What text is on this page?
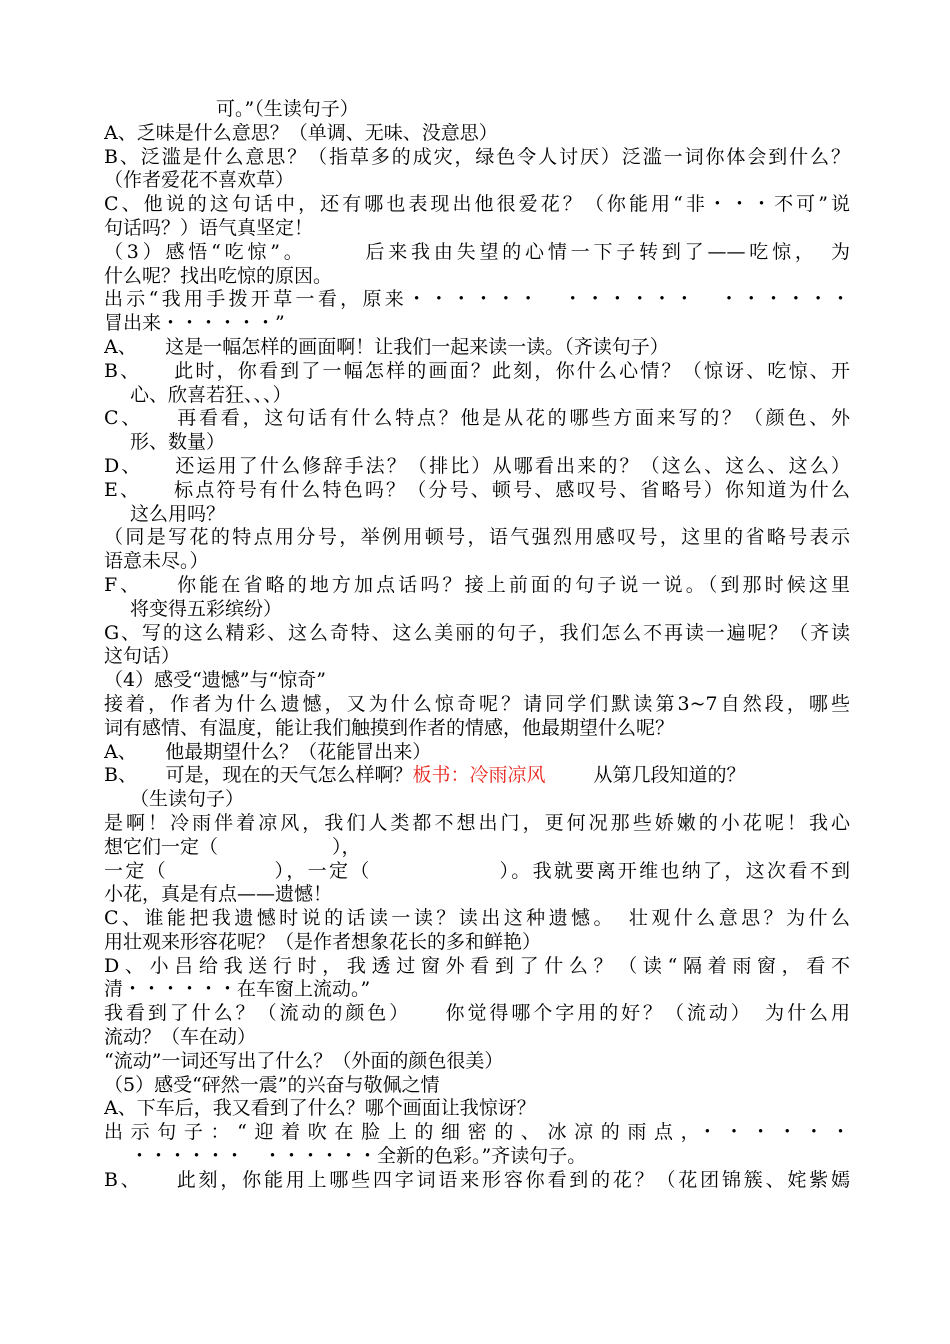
可。”（生读句子）
A、乏味是什么意思？（单调、无味、没意思）
B、泛滥是什么意思？（指草多的成灾，绿色令人讨厌）泛滥一词你体会到什么？
（作者爱花不喜欢草）
C、他说的这句话中，还有哪也表现出他很爱花？（你能用“非・・・不可”说
句话吗？）语气真坚定！
（3）感悟“吃惊”。　　　后来我由失望的心情一下子转到了——吃惊，　为
什么呢？找出吃惊的原因。
出示“我用手拨开草一看，原来・・・・・・　・・・・・・　・・・・・・
冒出来・・・・・・”
A、　　这是一幅怎样的画面啊！让我们一起来读一读。（齐读句子）
B、　　此时，你看到了一幅怎样的画面？此刻，你什么心情？（惊讶、吃惊、开
心、欣喜若狂、、、）
C、　　再看看，这句话有什么特点？他是从花的哪些方面来写的？（颜色、外
形、数量）
D、　　还运用了什么修辞手法？（排比）从哪看出来的？（这么、这么、这么）
E、　　标点符号有什么特色吗？（分号、顿号、感叹号、省略号）你知道为什么
这么用吗？
（同是写花的特点用分号，举例用顿号，语气强烈用感叹号，这里的省略号表示
语意未尽。）
F、　　你能在省略的地方加点话吗？接上前面的句子说一说。（到那时候这里
将变得五彩缤纷）
G、写的这么精彩、这么奇特、这么美丽的句子，我们怎么不再读一遍呢？（齐读
这句话）
（4）感受“遗憾”与“惊奇”
接着，作者为什么遗憾，又为什么惊奇呢？请同学们默读第3~7自然段，哪些
词有感情、有温度，能让我们触摸到作者的情感，他最期望什么呢？
A、　　他最期望什么？（花能冒出来）
B、　　可是，现在的天气怎么样啊？板书：冷雨凉风	从第几段知道的？
（生读句子）
是啊！冷雨伴着凉风，我们人类都不想出门，更何况那些娇嫩的小花呢！我心
想它们一定（　　　　　　），
一定（　　　　　），一定（　　　　　　）。我就要离开维也纳了，这次看不到
小花，真是有点——遗憾！
C、谁能把我遗憾时说的话读一读？读出这种遗憾。　壮观什么意思？为什么
用壮观来形容花呢？（是作者想象花长的多和鲜艳）
D、小吕给我送行时，我透过窗外看到了什么？（读“隔着雨窗，看不
清・・・・・・在车窗上流动。”
我看到了什么？（流动的颜色）　　你觉得哪个字用的好？（流动）　为什么用
流动？（车在动）
“流动”一词还写出了什么？（外面的颜色很美）
（5）感受“砰然一震”的兴奋与敬佩之情
A、下车后，我又看到了什么？哪个画面让我惊讶？
出示句子：“迎着吹在脸上的细密的、冰凉的雨点，・・・・・・
・・・・・・　・・・・・・全新的色彩。”齐读句子。
B、　　此刻，你能用上哪些四字词语来形容你看到的花？（花团锦簇、姹紫嫣
